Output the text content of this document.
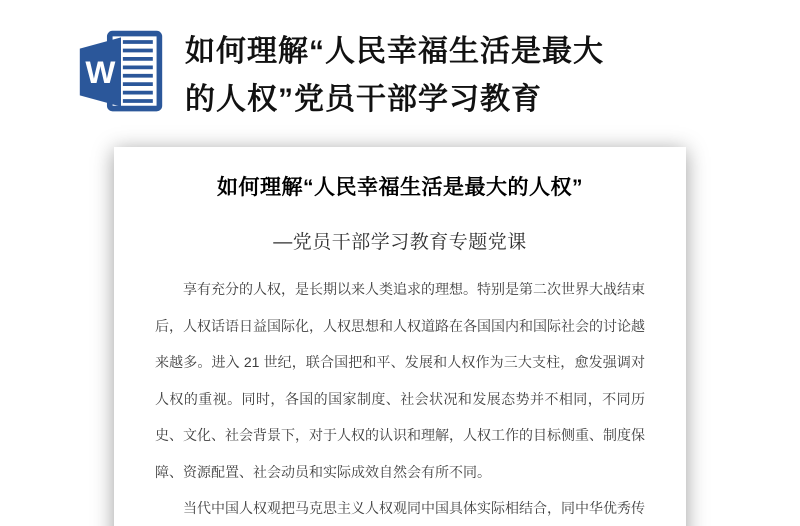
W
如何理解“人民幸福生活是最大
的人权”党员干部学习教育
如何理解“人民幸福生活是最大的人权”
—党员干部学习教育专题党课

享有充分的人权，是长期以来人类追求的理想。特别是第二次世界大战结束后，人权话语日益国际化，人权思想和人权道路在各国国内和国际社会的讨论越来越多。进入 21 世纪，联合国把和平、发展和人权作为三大支柱，愈发强调对人权的重视。同时，各国的国家制度、社会状况和发展态势并不相同，不同历史、文化、社会背景下，对于人权的认识和理解，人权工作的目标侧重、制度保障、资源配置、社会动员和实际成效自然会有所不同。

当代中国人权观把马克思主义人权观同中国具体实际相结合，同中华优秀传
